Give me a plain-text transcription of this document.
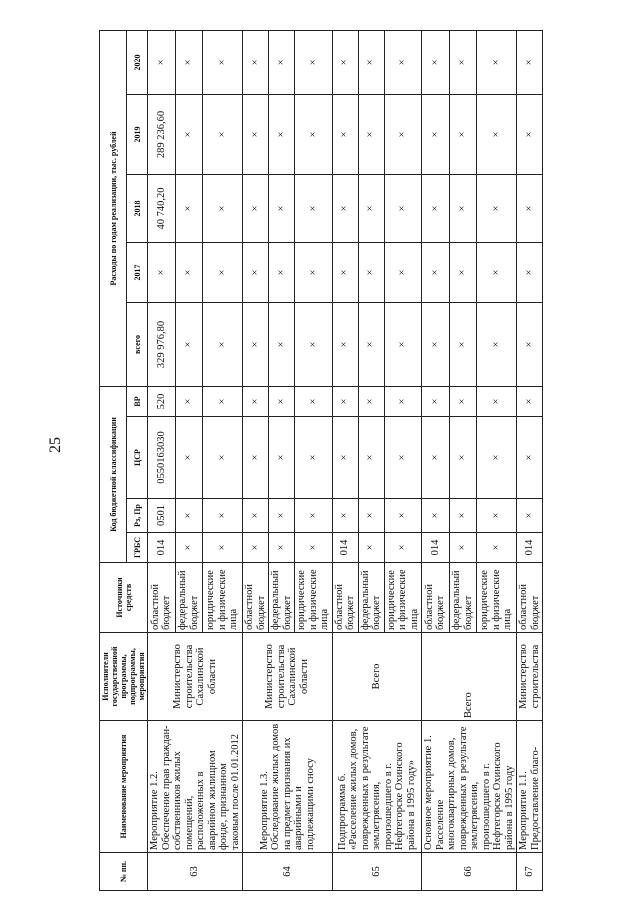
25
№ пп.	Наименование мероприятия	Исполнители государственной программы, подпрограммы, мероприятия	Источники средств	Код бюджетной классификации				Расходы по годам реализации, тыс. рублей				
				ГРБС	Рз, Пр	ЦСР	ВР	всего	2017	2018	2019	2020
63	Мероприятие 1.2. Обеспечение прав граждан-собственников жилых помещений, расположенных в аварийном жилищном фонде, признанном таковым после 01.01.2012	Министерство строительства Сахалинской области	областной бюджет	014	0501	0550163030	520	329 976,80	×	40 740,20	289 236,60	×
			федеральный бюджет	×	×	×	×	×	×	×	×	×
			юридические и физические лица	×	×	×	×	×	×	×	×	×
64	Мероприятие 1.3. Обследование жилых домов на предмет признания их аварийными и подлежащими сносу	Министерство строительства Сахалинской области	областной бюджет	×	×	×	×	×	×	×	×	×
			федеральный бюджет	×	×	×	×	×	×	×	×	×
			юридические и физические лица	×	×	×	×	×	×	×	×	×
65	Подпрограмма 6. «Расселение жилых домов, поврежденных в результате землетрясения, произошедшего в г. Нефтегорске Охинского района в 1995 году»	Всего	областной бюджет	014	×	×	×	×	×	×	×	×
			федеральный бюджет	×	×	×	×	×	×	×	×	×
			юридические и физические лица	×	×	×	×	×	×	×	×	×
66	Основное мероприятие 1. Расселение многоквартирных домов, поврежденных в результате землетрясения, произошедшего в г. Нефтегорске Охинского района в 1995 году	Всего	областной бюджет	014	×	×	×	×	×	×	×	×
			федеральный бюджет	×	×	×	×	×	×	×	×	×
			юридические и физические лица	×	×	×	×	×	×	×	×	×
67	Мероприятие 1.1. Предоставление благо-	Министерство строительства	областной бюджет	014	×	×	×	×	×	×	×	×
